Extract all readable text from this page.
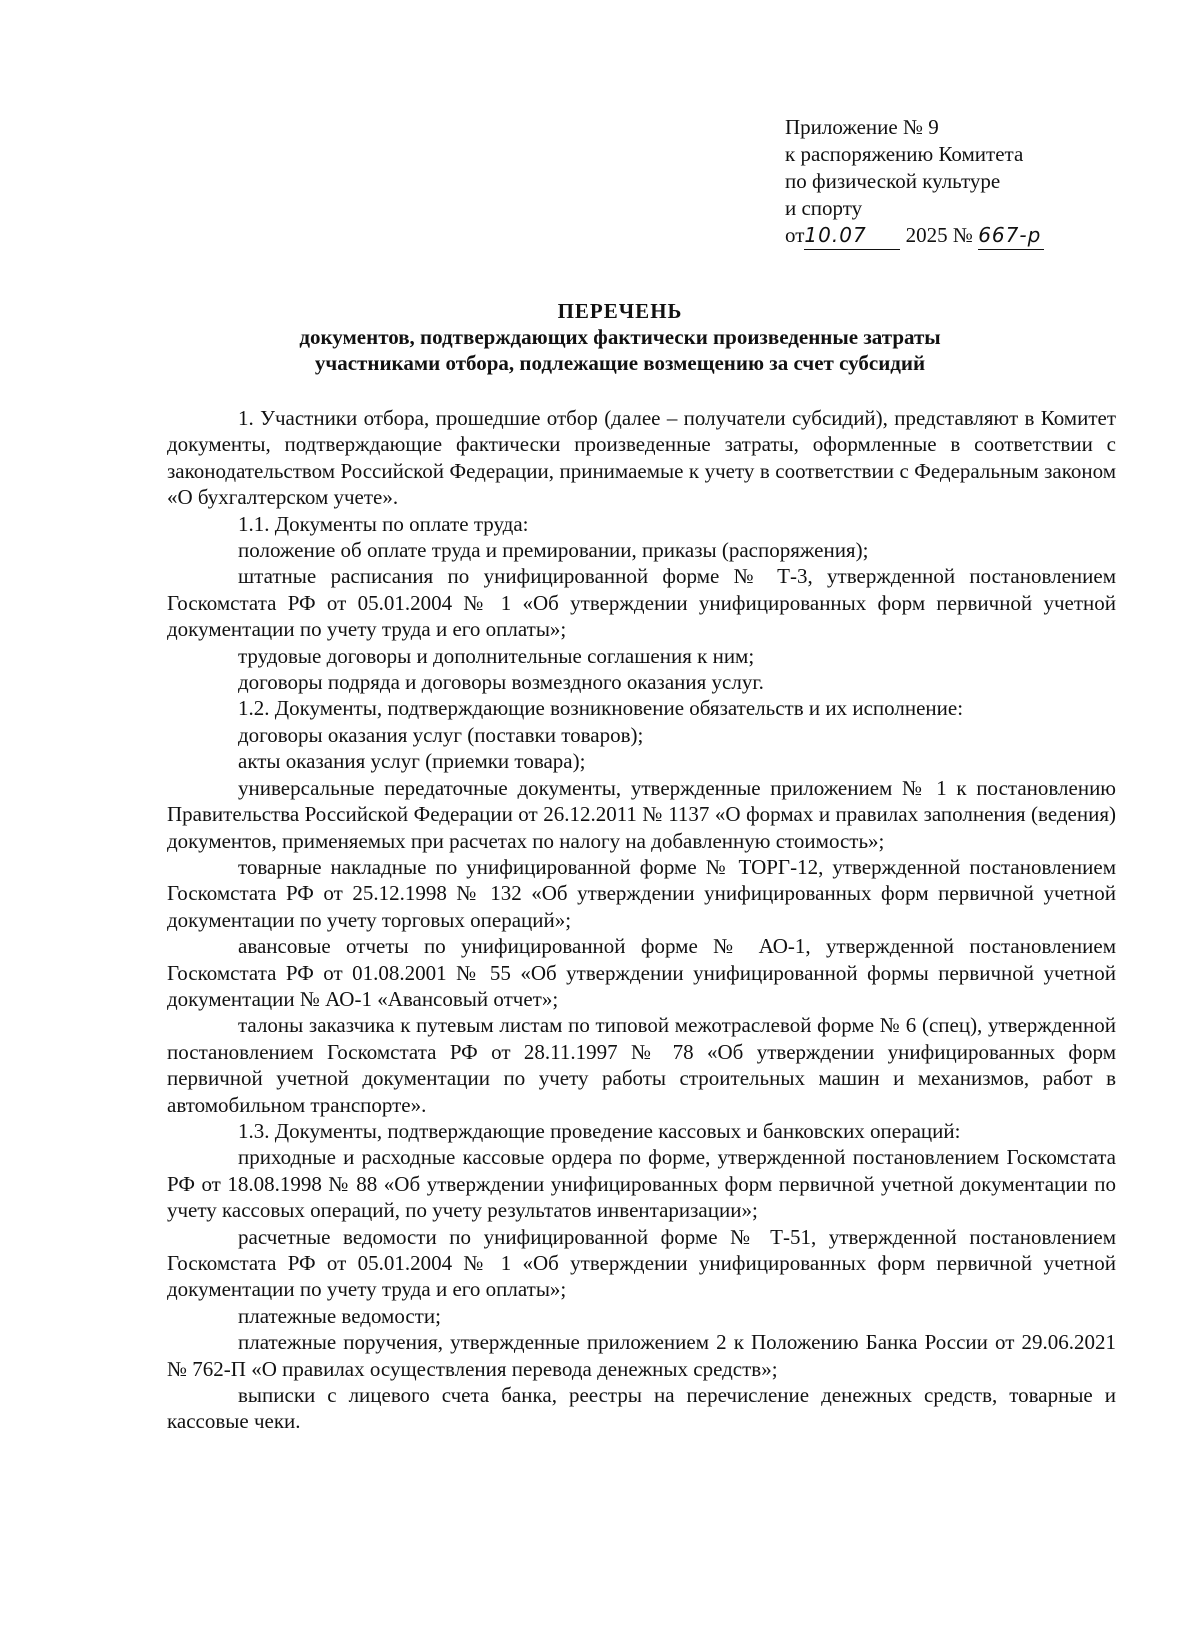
Приложение № 9
к распоряжению Комитета
по физической культуре
и спорту
от10.07 2025 № 667-р
ПЕРЕЧЕНЬ
документов, подтверждающих фактически произведенные затраты
участниками отбора, подлежащие возмещению за счет субсидий

1. Участники отбора, прошедшие отбор (далее – получатели субсидий), представляют в Комитет документы, подтверждающие фактически произведенные затраты, оформленные в соответствии с законодательством Российской Федерации, принимаемые к учету в соответствии с Федеральным законом «О бухгалтерском учете».

1.1. Документы по оплате труда:

положение об оплате труда и премировании, приказы (распоряжения);

штатные расписания по унифицированной форме № Т-3, утвержденной постановлением Госкомстата РФ от 05.01.2004 № 1 «Об утверждении унифицированных форм первичной учетной документации по учету труда и его оплаты»;

трудовые договоры и дополнительные соглашения к ним;

договоры подряда и договоры возмездного оказания услуг.

1.2. Документы, подтверждающие возникновение обязательств и их исполнение:

договоры оказания услуг (поставки товаров);

акты оказания услуг (приемки товара);

универсальные передаточные документы, утвержденные приложением № 1 к постановлению Правительства Российской Федерации от 26.12.2011 № 1137 «О формах и правилах заполнения (ведения) документов, применяемых при расчетах по налогу на добавленную стоимость»;

товарные накладные по унифицированной форме № ТОРГ-12, утвержденной постановлением Госкомстата РФ от 25.12.1998 № 132 «Об утверждении унифицированных форм первичной учетной документации по учету торговых операций»;

авансовые отчеты по унифицированной форме № АО-1, утвержденной постановлением Госкомстата РФ от 01.08.2001 № 55 «Об утверждении унифицированной формы первичной учетной документации № АО-1 «Авансовый отчет»;

талоны заказчика к путевым листам по типовой межотраслевой форме № 6 (спец), утвержденной постановлением Госкомстата РФ от 28.11.1997 № 78 «Об утверждении унифицированных форм первичной учетной документации по учету работы строительных машин и механизмов, работ в автомобильном транспорте».

1.3. Документы, подтверждающие проведение кассовых и банковских операций:

приходные и расходные кассовые ордера по форме, утвержденной постановлением Госкомстата РФ от 18.08.1998 № 88 «Об утверждении унифицированных форм первичной учетной документации по учету кассовых операций, по учету результатов инвентаризации»;

расчетные ведомости по унифицированной форме № Т-51, утвержденной постановлением Госкомстата РФ от 05.01.2004 № 1 «Об утверждении унифицированных форм первичной учетной документации по учету труда и его оплаты»;

платежные ведомости;

платежные поручения, утвержденные приложением 2 к Положению Банка России от 29.06.2021 № 762-П «О правилах осуществления перевода денежных средств»;

выписки с лицевого счета банка, реестры на перечисление денежных средств, товарные и кассовые чеки.
